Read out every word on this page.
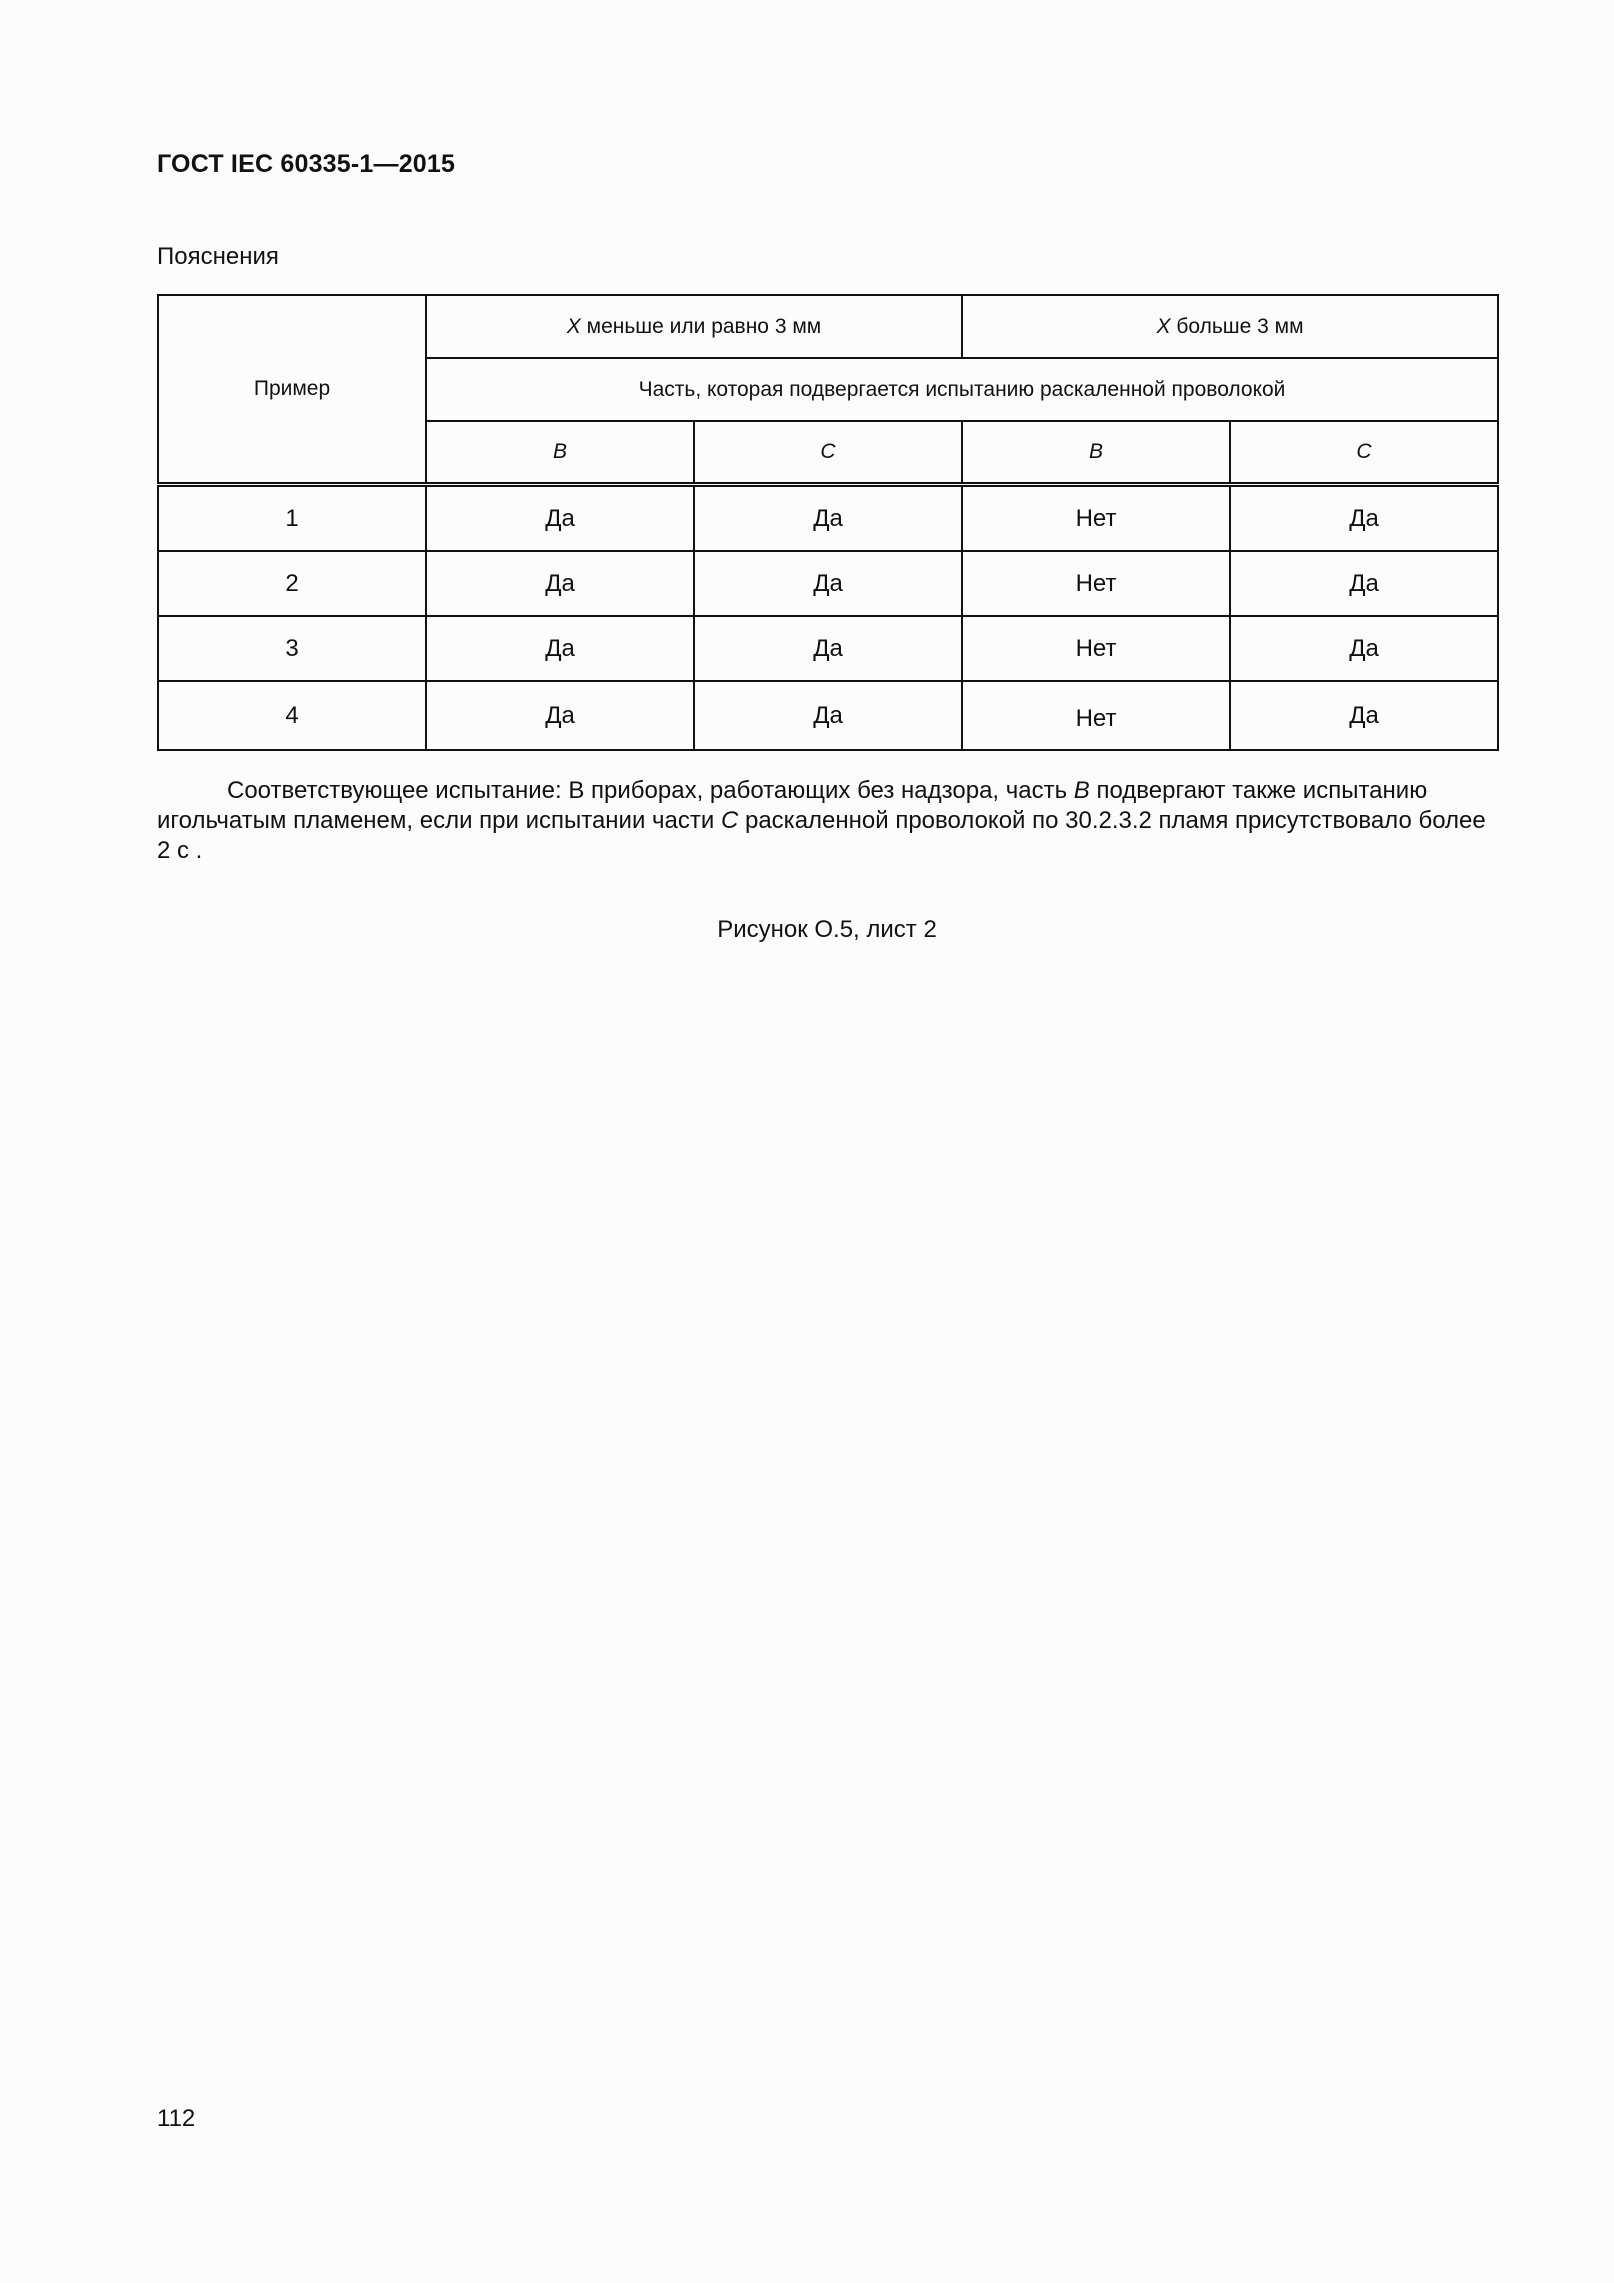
ГОСТ IEC 60335-1—2015
Пояснения
Пример	X меньше или равно 3 мм		X больше 3 мм	
	Часть, которая подвергается испытанию раскаленной проволокой			
	B	C	B	C
1	Да	Да	Нет	Да
2	Да	Да	Нет	Да
3	Да	Да	Нет	Да
4	Да	Да	Нет	Да

Соответствующее испытание: В приборах, работающих без надзора, часть B подвергают также испытанию игольчатым пламенем, если при испытании части C раскаленной проволокой по 30.2.3.2 пламя присутствовало более 2 с .

Рисунок О.5, лист 2
112
